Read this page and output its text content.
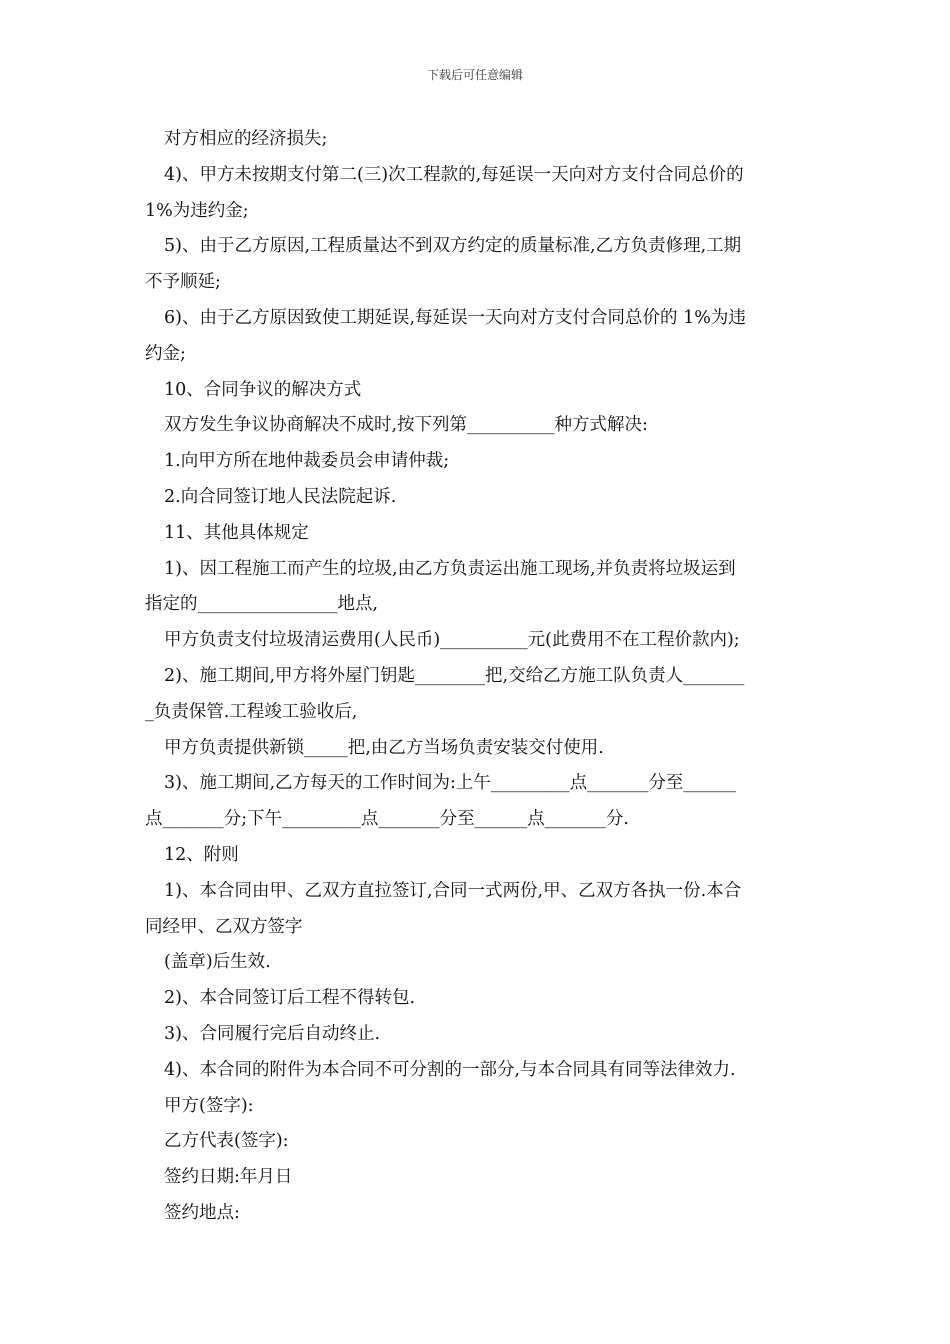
下载后可任意编辑
对方相应的经济损失;
4)、甲方未按期支付第二(三)次工程款的,每延误一天向对方支付合同总价的
1%为违约金;
5)、由于乙方原因,工程质量达不到双方约定的质量标准,乙方负责修理,工期
不予顺延;
6)、由于乙方原因致使工期延误,每延误一天向对方支付合同总价的 1%为违
约金;
10、合同争议的解决方式
双方发生争议协商解决不成时,按下列第__________种方式解决:
1.向甲方所在地仲裁委员会申请仲裁;
2.向合同签订地人民法院起诉.
11、其他具体规定
1)、因工程施工而产生的垃圾,由乙方负责运出施工现场,并负责将垃圾运到
指定的________________地点,
甲方负责支付垃圾清运费用(人民币)__________元(此费用不在工程价款内);
2)、施工期间,甲方将外屋门钥匙________把,交给乙方施工队负责人_______
_负责保管.工程竣工验收后,
甲方负责提供新锁_____把,由乙方当场负责安装交付使用.
3)、施工期间,乙方每天的工作时间为:上午_________点_______分至______
点_______分;下午_________点_______分至______点_______分.
12、附则
1)、本合同由甲、乙双方直拉签订,合同一式两份,甲、乙双方各执一份.本合
同经甲、乙双方签字
(盖章)后生效.
2)、本合同签订后工程不得转包.
3)、合同履行完后自动终止.
4)、本合同的附件为本合同不可分割的一部分,与本合同具有同等法律效力.
甲方(签字):
乙方代表(签字):
签约日期:年月日
签约地点:
